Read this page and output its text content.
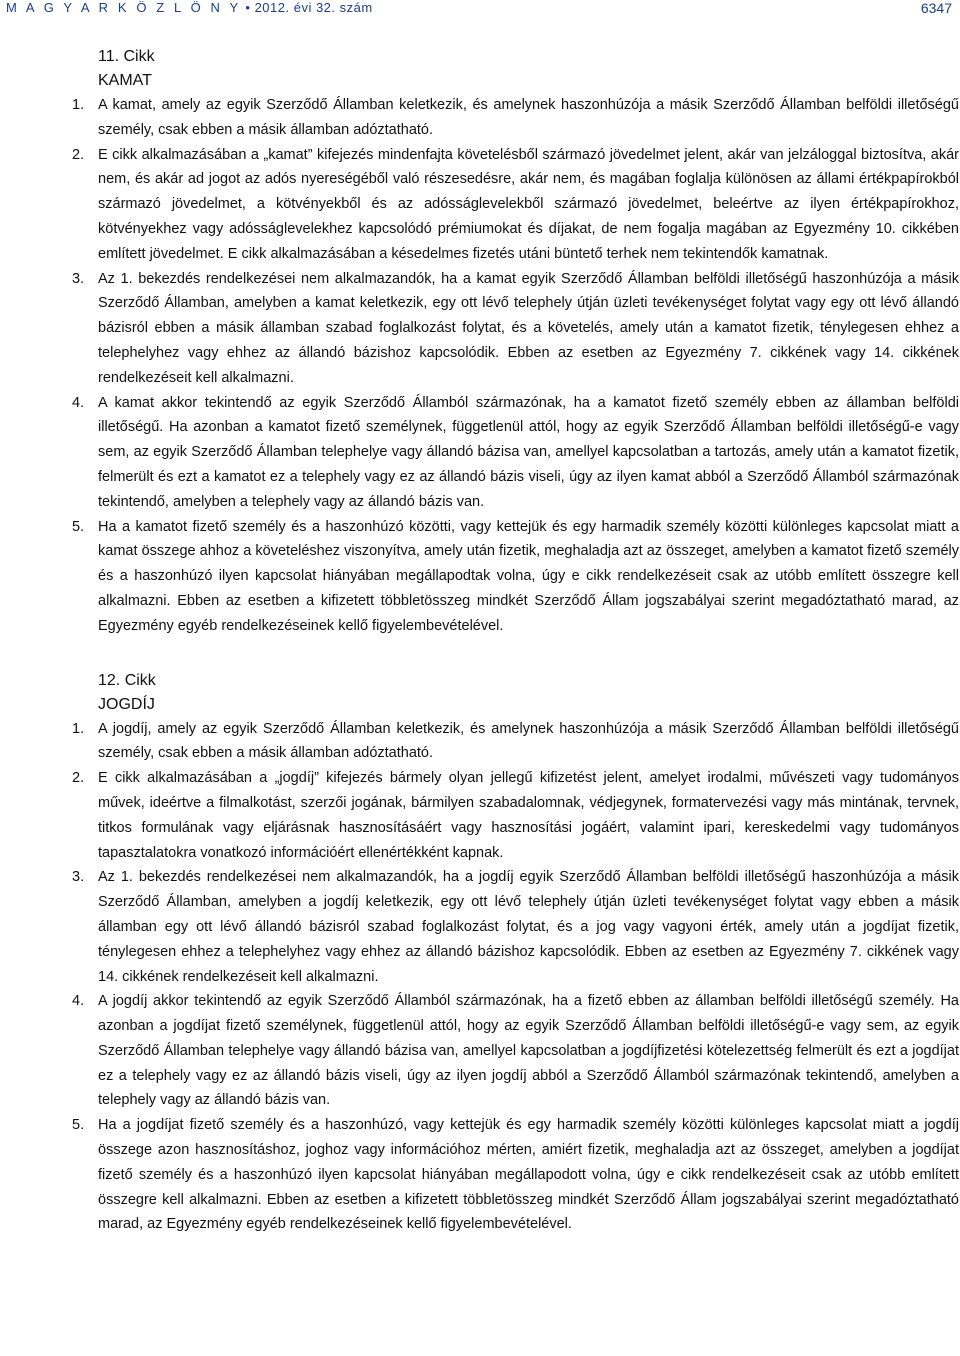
M A G Y A R K Ö Z L Ö N Y • 2012. évi 32. szám	6347
11. Cikk
KAMAT
1. A kamat, amely az egyik Szerződő Államban keletkezik, és amelynek haszonhúzója a másik Szerződő Államban belföldi illetőségű személy, csak ebben a másik államban adóztatható.
2. E cikk alkalmazásában a „kamat” kifejezés mindenfajta követelésből származó jövedelmet jelent, akár van jelzáloggal biztosítva, akár nem, és akár ad jogot az adós nyereségéből való részesedésre, akár nem, és magában foglalja különösen az állami értékpapírokból származó jövedelmet, a kötvényekből és az adósságlevelekből származó jövedelmet, beleértve az ilyen értékpapírokhoz, kötvényekhez vagy adósságlevelekhez kapcsolódó prémiumokat és díjakat, de nem fogalja magában az Egyezmény 10. cikkében említett jövedelmet. E cikk alkalmazásában a késedelmes fizetés utáni büntető terhek nem tekintendők kamatnak.
3. Az 1. bekezdés rendelkezései nem alkalmazandók, ha a kamat egyik Szerződő Államban belföldi illetőségű haszonhúzója a másik Szerződő Államban, amelyben a kamat keletkezik, egy ott lévő telephely útján üzleti tevékenységet folytat vagy egy ott lévő állandó bázisról ebben a másik államban szabad foglalkozást folytat, és a követelés, amely után a kamatot fizetik, ténylegesen ehhez a telephelyhez vagy ehhez az állandó bázishoz kapcsolódik. Ebben az esetben az Egyezmény 7. cikkének vagy 14. cikkének rendelkezéseit kell alkalmazni.
4. A kamat akkor tekintendő az egyik Szerződő Államból származónak, ha a kamatot fizető személy ebben az államban belföldi illetőségű. Ha azonban a kamatot fizető személynek, függetlenül attól, hogy az egyik Szerződő Államban belföldi illetőségű-e vagy sem, az egyik Szerződő Államban telephelye vagy állandó bázisa van, amellyel kapcsolatban a tartozás, amely után a kamatot fizetik, felmerült és ezt a kamatot ez a telephely vagy ez az állandó bázis viseli, úgy az ilyen kamat abból a Szerződő Államból származónak tekintendő, amelyben a telephely vagy az állandó bázis van.
5. Ha a kamatot fizető személy és a haszonhúzó közötti, vagy kettejük és egy harmadik személy közötti különleges kapcsolat miatt a kamat összege ahhoz a követeléshez viszonyítva, amely után fizetik, meghaladja azt az összeget, amelyben a kamatot fizető személy és a haszonhúzó ilyen kapcsolat hiányában megállapodtak volna, úgy e cikk rendelkezéseit csak az utóbb említett összegre kell alkalmazni. Ebben az esetben a kifizetett többletösszeg mindkét Szerződő Állam jogszabályai szerint megadóztatható marad, az Egyezmény egyéb rendelkezéseinek kellő figyelembevételével.
12. Cikk
JOGDÍJ
1. A jogdíj, amely az egyik Szerződő Államban keletkezik, és amelynek haszonhúzója a másik Szerződő Államban belföldi illetőségű személy, csak ebben a másik államban adóztatható.
2. E cikk alkalmazásában a „jogdíj” kifejezés bármely olyan jellegű kifizetést jelent, amelyet irodalmi, művészeti vagy tudományos művek, ideértve a filmalkotást, szerzői jogának, bármilyen szabadalomnak, védjegynek, formatervezési vagy más mintának, tervnek, titkos formulának vagy eljárásnak hasznosításáért vagy hasznosítási jogáért, valamint ipari, kereskedelmi vagy tudományos tapasztalatokra vonatkozó információért ellenértékként kapnak.
3. Az 1. bekezdés rendelkezései nem alkalmazandók, ha a jogdíj egyik Szerződő Államban belföldi illetőségű haszonhúzója a másik Szerződő Államban, amelyben a jogdíj keletkezik, egy ott lévő telephely útján üzleti tevékenységet folytat vagy ebben a másik államban egy ott lévő állandó bázisról szabad foglalkozást folytat, és a jog vagy vagyoni érték, amely után a jogdíjat fizetik, ténylegesen ehhez a telephelyhez vagy ehhez az állandó bázishoz kapcsolódik. Ebben az esetben az Egyezmény 7. cikkének vagy 14. cikkének rendelkezéseit kell alkalmazni.
4. A jogdíj akkor tekintendő az egyik Szerződő Államból származónak, ha a fizető ebben az államban belföldi illetőségű személy. Ha azonban a jogdíjat fizető személynek, függetlenül attól, hogy az egyik Szerződő Államban belföldi illetőségű-e vagy sem, az egyik Szerződő Államban telephelye vagy állandó bázisa van, amellyel kapcsolatban a jogdíjfizetési kötelezettség felmerült és ezt a jogdíjat ez a telephely vagy ez az állandó bázis viseli, úgy az ilyen jogdíj abból a Szerződő Államból származónak tekintendő, amelyben a telephely vagy az állandó bázis van.
5. Ha a jogdíjat fizető személy és a haszonhúzó, vagy kettejük és egy harmadik személy közötti különleges kapcsolat miatt a jogdíj összege azon hasznosításhoz, joghoz vagy információhoz mérten, amiért fizetik, meghaladja azt az összeget, amelyben a jogdíjat fizető személy és a haszonhúzó ilyen kapcsolat hiányában megállapodott volna, úgy e cikk rendelkezéseit csak az utóbb említett összegre kell alkalmazni. Ebben az esetben a kifizetett többletösszeg mindkét Szerződő Állam jogszabályai szerint megadóztatható marad, az Egyezmény egyéb rendelkezéseinek kellő figyelembevételével.
